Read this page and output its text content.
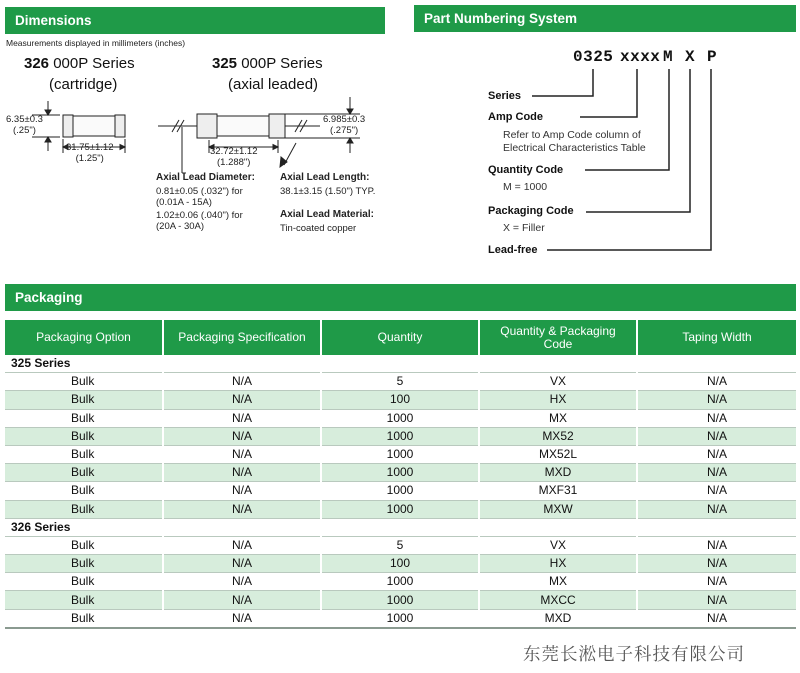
Dimensions
Measurements displayed in millimeters (inches)
326 000P Series
(cartridge)
325 000P Series
(axial leaded)
6.35±0.3
(.25")
31.75±1.12
(1.25")
32.72±1.12
(1.288")
6.985±0.3
(.275")
Axial Lead Diameter:
0.81±0.05 (.032") for
(0.01A - 15A)
1.02±0.06 (.040") for
(20A - 30A)
Axial Lead Length:
38.1±3.15 (1.50") TYP.
Axial Lead Material:
Tin-coated copper
Part Numbering System
0325 xxxx M X P
Series
Amp Code
Refer to Amp Code column of
Electrical Characteristics Table
Quantity Code
M = 1000
Packaging Code
X = Filler
Lead-free
Packaging
Packaging Option	Packaging Specification	Quantity	Quantity & Packaging Code	Taping Width
325 Series				
Bulk	N/A	5	VX	N/A
Bulk	N/A	100	HX	N/A
Bulk	N/A	1000	MX	N/A
Bulk	N/A	1000	MX52	N/A
Bulk	N/A	1000	MX52L	N/A
Bulk	N/A	1000	MXD	N/A
Bulk	N/A	1000	MXF31	N/A
Bulk	N/A	1000	MXW	N/A
326 Series				
Bulk	N/A	5	VX	N/A
Bulk	N/A	100	HX	N/A
Bulk	N/A	1000	MX	N/A
Bulk	N/A	1000	MXCC	N/A
Bulk	N/A	1000	MXD	N/A
东莞长淞电子科技有限公司
